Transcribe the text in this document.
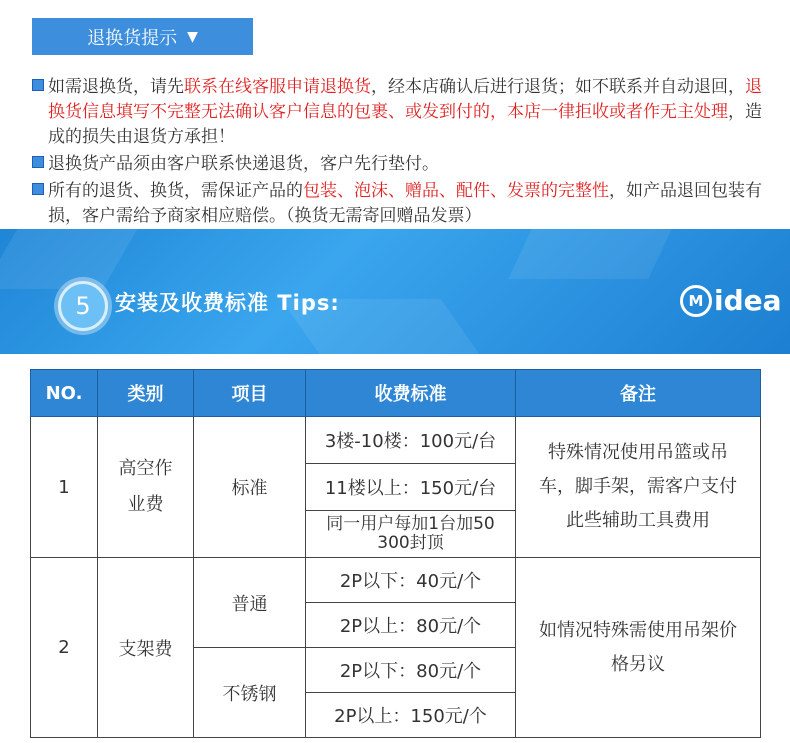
退换货提示 ▼

如需退换货，请先联系在线客服申请退换货，经本店确认后进行退货；如不联系并自动退回，退换货信息填写不完整无法确认客户信息的包裹、或发到付的，本店一律拒收或者作无主处理，造成的损失由退货方承担！

退换货产品须由客户联系快递退货，客户先行垫付。

所有的退货、换货，需保证产品的包装、泡沫、赠品、配件、发票的完整性，如产品退回包装有损，客户需给予商家相应赔偿。（换货无需寄回赠品发票）

5	安装及收费标准 Tips:	M idea
NO.	类别	项目	收费标准	备注
1	高空作业费	标准	3楼-10楼：100元/台	特殊情况使用吊篮或吊车，脚手架，需客户支付此些辅助工具费用
			11楼以上：150元/台	
			同一用户每加1台加50 300封顶	
2	支架费	普通	2P以下：40元/个	如情况特殊需使用吊架价格另议
			2P以上：80元/个	
		不锈钢	2P以下：80元/个	
			2P以上：150元/个	
